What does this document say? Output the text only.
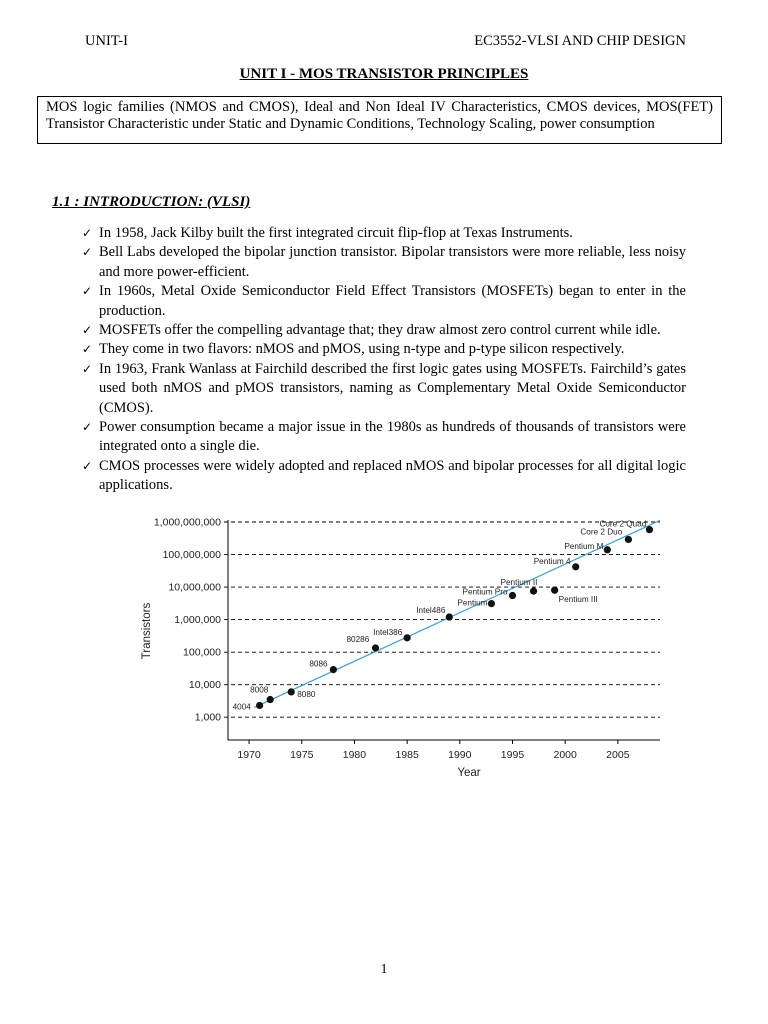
UNIT-I	EC3552-VLSI AND CHIP DESIGN
UNIT I - MOS TRANSISTOR PRINCIPLES
MOS logic families (NMOS and CMOS), Ideal and Non Ideal IV Characteristics, CMOS devices, MOS(FET) Transistor Characteristic under Static and Dynamic Conditions, Technology Scaling, power consumption
1.1 : INTRODUCTION: (VLSI)
✓ In 1958, Jack Kilby built the first integrated circuit flip-flop at Texas Instruments.
✓ Bell Labs developed the bipolar junction transistor. Bipolar transistors were more reliable, less noisy and more power-efficient.
✓ In 1960s, Metal Oxide Semiconductor Field Effect Transistors (MOSFETs) began to enter in the production.
✓ MOSFETs offer the compelling advantage that; they draw almost zero control current while idle.
✓ They come in two flavors: nMOS and pMOS, using n-type and p-type silicon respectively.
✓ In 1963, Frank Wanlass at Fairchild described the first logic gates using MOSFETs. Fairchild’s gates used both nMOS and pMOS transistors, naming as Complementary Metal Oxide Semiconductor (CMOS).
✓ Power consumption became a major issue in the 1980s as hundreds of thousands of transistors were integrated onto a single die.
✓ CMOS processes were widely adopted and replaced nMOS and bipolar processes for all digital logic applications.
1,000,000,000
100,000,000
10,000,000
1,000,000
100,000
10,000
1,000
1970	1975	1980	1985	1990	1995	2000	2005
Year
Transistors
4004
8008	8080
8086
80286
Intel386
Intel486
Pentium
Pentium Pro
Pentium II
Pentium III
Pentium 4
Pentium M
Core 2 Duo
Core 2 Quad
1
